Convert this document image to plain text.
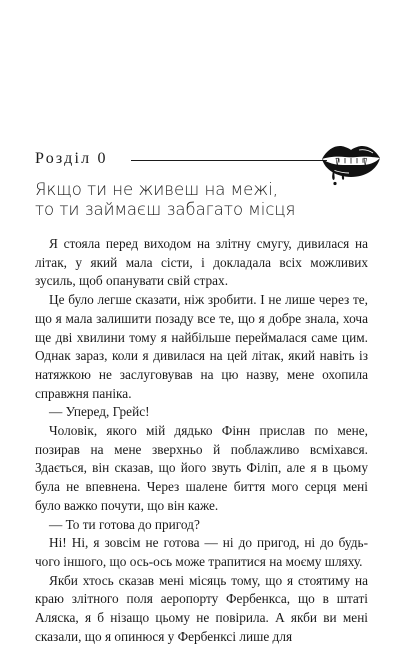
Розділ 0
Якщо ти не живеш на межі,
то ти займаєш забагато місця

Я стояла перед виходом на злітну смугу, дивилася на літак, у який мала сісти, і докладала всіх можливих зусиль, щоб опанувати свій страх.

Це було легше сказати, ніж зробити. І не лише через те, що я мала залишити позаду все те, що я добре знала, хоча ще дві хвилини тому я найбільше переймалася саме цим. Однак зараз, коли я дивилася на цей літак, який навіть із натяжкою не заслуговував на цю назву, мене охопила справжня паніка.

— Уперед, Грейс!

Чоловік, якого мій дядько Фінн прислав по мене, позирав на мене зверхньо й поблажливо всміхався. Здається, він сказав, що його звуть Філіп, але я в цьому була не впевнена. Через шалене биття мого серця мені було важко почути, що він каже.

— То ти готова до пригод?

Ні! Ні, я зовсім не готова — ні до пригод, ні до будь-чого іншого, що ось-ось може трапитися на моєму шляху.

Якби хтось сказав мені місяць тому, що я стоятиму на краю злітного поля аеропорту Фербенкса, що в штаті Аляска, я б нізащо цьому не повірила. А якби ви мені сказали, що я опинюся у Фербенксі лише для
